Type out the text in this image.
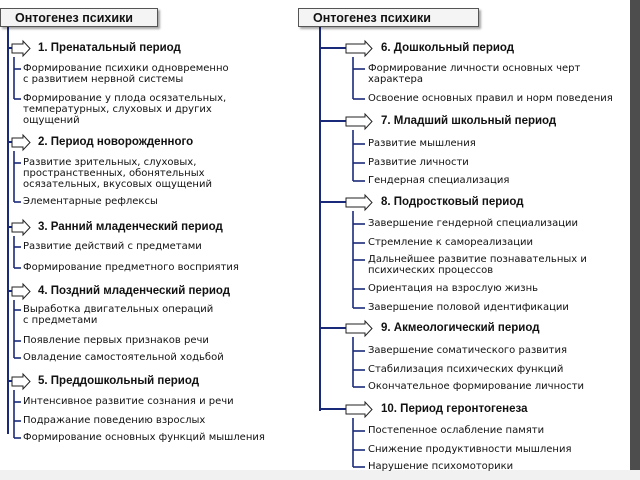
Онтогенез психики	Онтогенез психики
1. Пренатальный период
Формирование психики одновременно
с развитием нервной системы
Формирование у плода осязательных,
температурных, слуховых и других
ощущений
2. Период новорожденного
Развитие зрительных, слуховых,
пространственных, обонятельных
осязательных, вкусовых ощущений
Элементарные рефлексы
3. Ранний младенческий период
Развитие действий с предметами
Формирование предметного восприятия
4. Поздний младенческий период
Выработка двигательных операций
с предметами
Появление первых признаков речи
Овладение самостоятельной ходьбой
5. Преддошкольный период
Интенсивное развитие сознания и речи
Подражание поведению взрослых
Формирование основных функций мышления
6. Дошкольный период
Формирование личности основных черт
характера
Освоение основных правил и норм поведения
7. Младший школьный период
Развитие мышления
Развитие личности
Гендерная специализация
8. Подростковый период
Завершение гендерной специализации
Стремление к самореализации
Дальнейшее развитие познавательных и
психических процессов
Ориентация на взрослую жизнь
Завершение половой идентификации
9. Акмеологический период
Завершение соматического развития
Стабилизация психических функций
Окончательное формирование личности
10. Период геронтогенеза
Постепенное ослабление памяти
Снижение продуктивности мышления
Нарушение психомоторики
